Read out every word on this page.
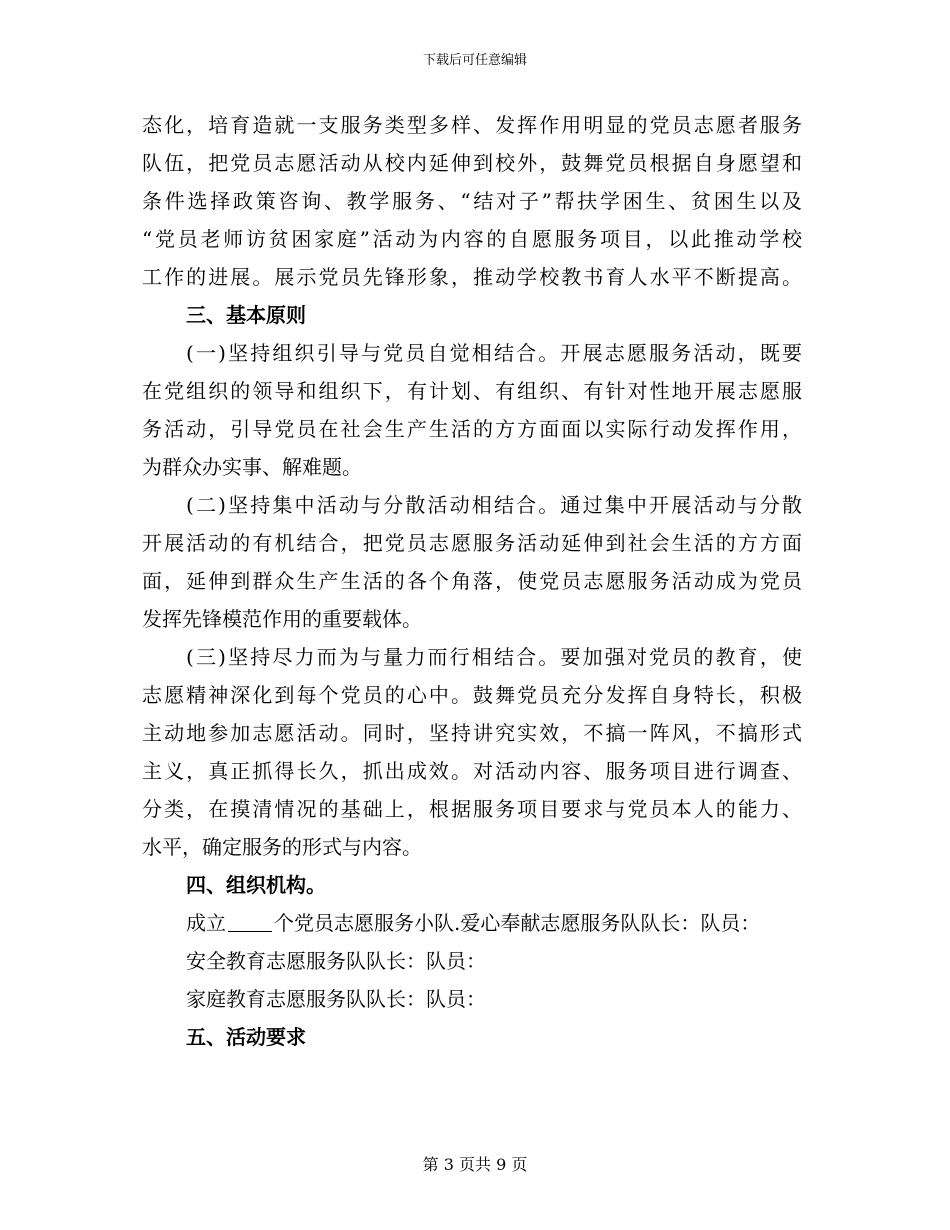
下载后可任意编辑
态化，培育造就一支服务类型多样、发挥作用明显的党员志愿者服务
队伍，把党员志愿活动从校内延伸到校外，鼓舞党员根据自身愿望和
条件选择政策咨询、教学服务、“结对子”帮扶学困生、贫困生以及
“党员老师访贫困家庭”活动为内容的自愿服务项目，以此推动学校
工作的进展。展示党员先锋形象，推动学校教书育人水平不断提高。
三、基本原则
(一)坚持组织引导与党员自觉相结合。开展志愿服务活动，既要
在党组织的领导和组织下，有计划、有组织、有针对性地开展志愿服
务活动，引导党员在社会生产生活的方方面面以实际行动发挥作用，
为群众办实事、解难题。
(二)坚持集中活动与分散活动相结合。通过集中开展活动与分散
开展活动的有机结合，把党员志愿服务活动延伸到社会生活的方方面
面，延伸到群众生产生活的各个角落，使党员志愿服务活动成为党员
发挥先锋模范作用的重要载体。
(三)坚持尽力而为与量力而行相结合。要加强对党员的教育，使
志愿精神深化到每个党员的心中。鼓舞党员充分发挥自身特长，积极
主动地参加志愿活动。同时，坚持讲究实效，不搞一阵风，不搞形式
主义，真正抓得长久，抓出成效。对活动内容、服务项目进行调查、
分类，在摸清情况的基础上，根据服务项目要求与党员本人的能力、
水平，确定服务的形式与内容。
四、组织机构。
成立 个党员志愿服务小队.爱心奉献志愿服务队队长：队员：
安全教育志愿服务队队长：队员：
家庭教育志愿服务队队长：队员：
五、活动要求
第 3 页共 9 页
